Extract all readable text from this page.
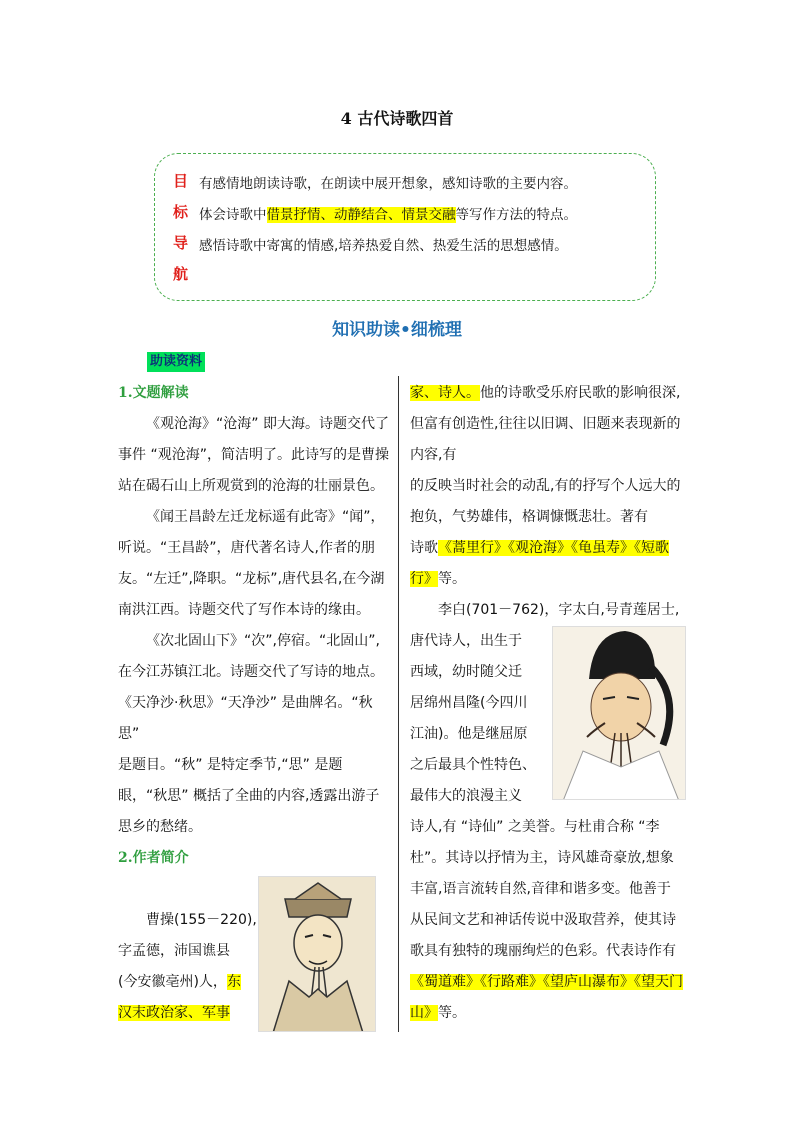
4 古代诗歌四首
目
标
导
航
有感情地朗读诗歌，在朗读中展开想象，感知诗歌的主要内容。
体会诗歌中借景抒情、动静结合、情景交融等写作方法的特点。
感悟诗歌中寄寓的情感,培养热爱自然、热爱生活的思想感情。
知识助读•细梳理
助读资料

1.文题解读

《观沧海》“沧海” 即大海。诗题交代了事件 “观沧海”，简洁明了。此诗写的是曹操站在碣石山上所观赏到的沧海的壮丽景色。

《闻王昌龄左迁龙标遥有此寄》“闻”，听说。“王昌龄”，唐代著名诗人,作者的朋友。“左迁”,降职。“龙标”,唐代县名,在今湖南洪江西。诗题交代了写作本诗的缘由。

《次北固山下》“次”,停宿。“北固山”,在今江苏镇江北。诗题交代了写诗的地点。《天净沙·秋思》“天净沙” 是曲牌名。“秋思”

是题目。“秋” 是特定季节,“思” 是题眼，“秋思” 概括了全曲的内容,透露出游子思乡的愁绪。

2.作者简介

曹操(155－220),

字孟德，沛国谯县

(今安徽亳州)人，东

汉末政治家、军事

家、诗人。他的诗歌受乐府民歌的影响很深,但富有创造性,往往以旧调、旧题来表现新的内容,有

的反映当时社会的动乱,有的抒写个人远大的抱负，气势雄伟，格调慷慨悲壮。著有

诗歌《蒿里行》《观沧海》《龟虽寿》《短歌行》等。

李白(701－762)，字太白,号青莲居士,

唐代诗人，出生于

西域，幼时随父迁

居绵州昌隆(今四川

江油)。他是继屈原

之后最具个性特色、

最伟大的浪漫主义

诗人,有 “诗仙” 之美誉。与杜甫合称 “李杜”。其诗以抒情为主，诗风雄奇豪放,想象丰富,语言流转自然,音律和谐多变。他善于从民间文艺和神话传说中汲取营养，使其诗歌具有独特的瑰丽绚烂的色彩。代表诗作有

《蜀道难》《行路难》《望庐山瀑布》《望天门山》等。
